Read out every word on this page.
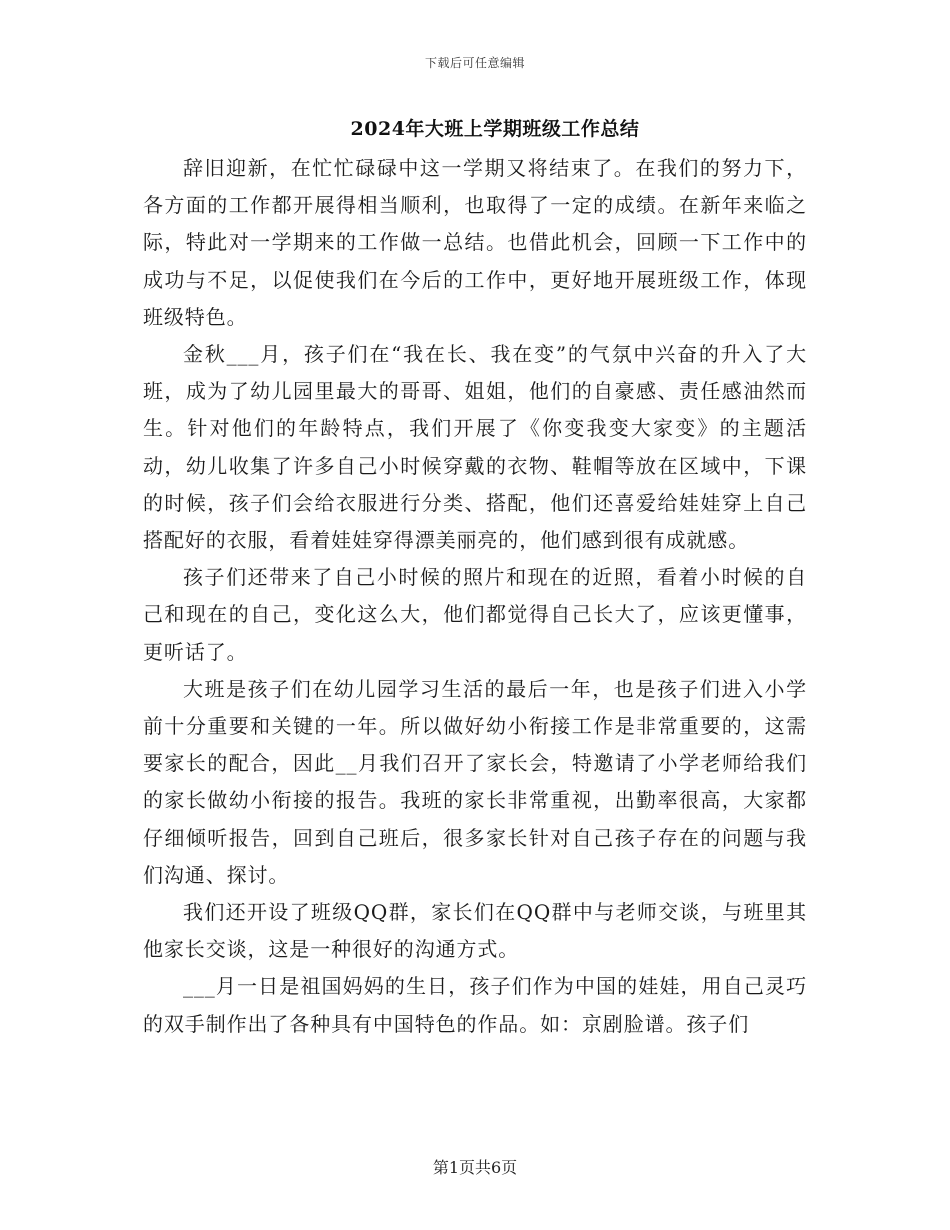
下载后可任意编辑
2024年大班上学期班级工作总结

辞旧迎新，在忙忙碌碌中这一学期又将结束了。在我们的努力下，各方面的工作都开展得相当顺利，也取得了一定的成绩。在新年来临之际，特此对一学期来的工作做一总结。也借此机会，回顾一下工作中的成功与不足，以促使我们在今后的工作中，更好地开展班级工作，体现班级特色。

金秋___月，孩子们在“我在长、我在变”的气氛中兴奋的升入了大班，成为了幼儿园里最大的哥哥、姐姐，他们的自豪感、责任感油然而生。针对他们的年龄特点，我们开展了《你变我变大家变》的主题活动，幼儿收集了许多自己小时候穿戴的衣物、鞋帽等放在区域中，下课的时候，孩子们会给衣服进行分类、搭配，他们还喜爱给娃娃穿上自己搭配好的衣服，看着娃娃穿得漂美丽亮的，他们感到很有成就感。

孩子们还带来了自己小时候的照片和现在的近照，看着小时候的自己和现在的自己，变化这么大，他们都觉得自己长大了，应该更懂事，更听话了。

大班是孩子们在幼儿园学习生活的最后一年，也是孩子们进入小学前十分重要和关键的一年。所以做好幼小衔接工作是非常重要的，这需要家长的配合，因此__月我们召开了家长会，特邀请了小学老师给我们的家长做幼小衔接的报告。我班的家长非常重视，出勤率很高，大家都仔细倾听报告，回到自己班后，很多家长针对自己孩子存在的问题与我们沟通、探讨。

我们还开设了班级QQ群，家长们在QQ群中与老师交谈，与班里其他家长交谈，这是一种很好的沟通方式。

___月一日是祖国妈妈的生日，孩子们作为中国的娃娃，用自己灵巧的双手制作出了各种具有中国特色的作品。如：京剧脸谱。孩子们

第1页共6页
